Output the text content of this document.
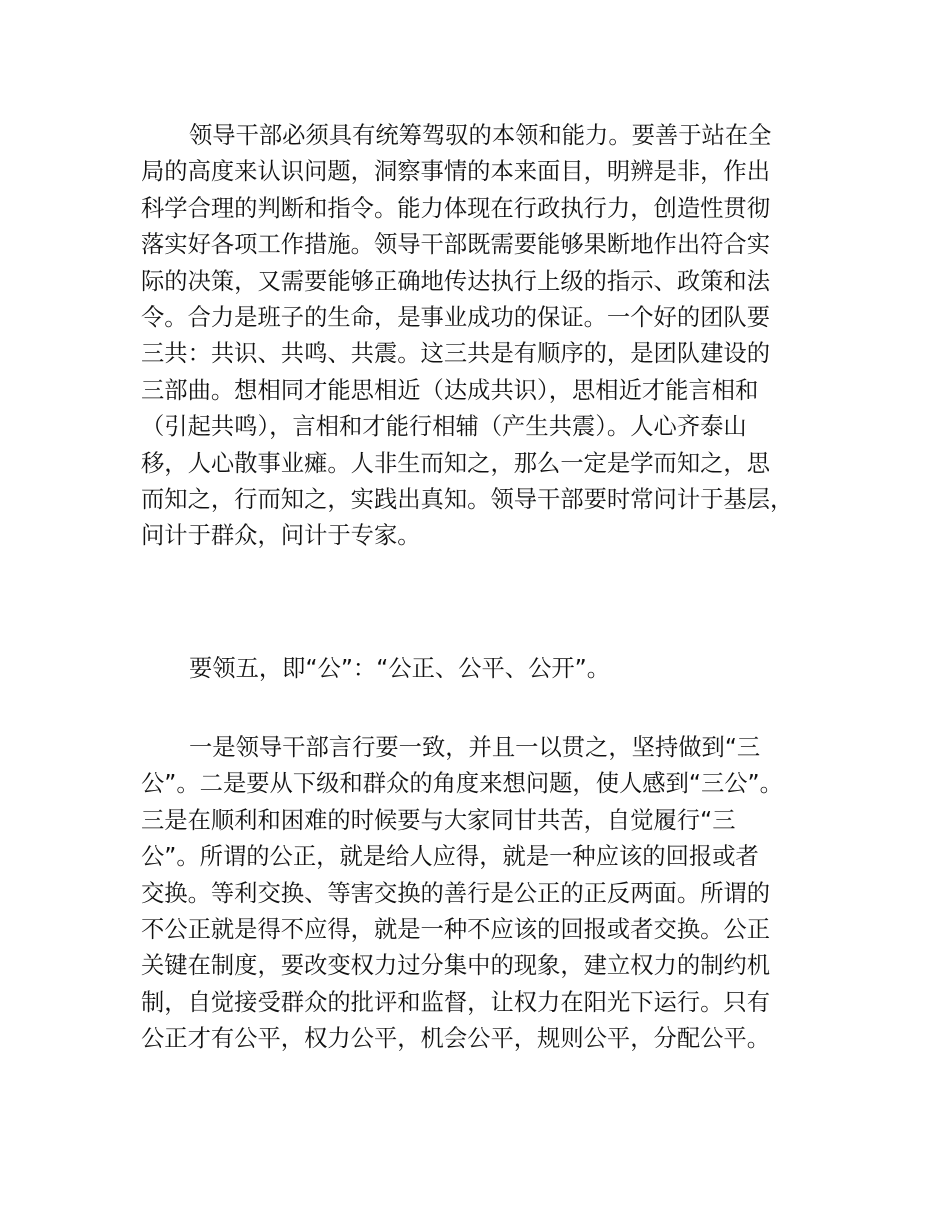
领导干部必须具有统筹驾驭的本领和能力。要善于站在全
局的高度来认识问题，洞察事情的本来面目，明辨是非，作出
科学合理的判断和指令。能力体现在行政执行力，创造性贯彻
落实好各项工作措施。领导干部既需要能够果断地作出符合实
际的决策，又需要能够正确地传达执行上级的指示、政策和法
令。合力是班子的生命，是事业成功的保证。一个好的团队要
三共：共识、共鸣、共震。这三共是有顺序的，是团队建设的
三部曲。想相同才能思相近（达成共识），思相近才能言相和
（引起共鸣），言相和才能行相辅（产生共震）。人心齐泰山
移，人心散事业瘫。人非生而知之，那么一定是学而知之，思
而知之，行而知之，实践出真知。领导干部要时常问计于基层，
问计于群众，问计于专家。
要领五，即“公”：“公正、公平、公开”。
一是领导干部言行要一致，并且一以贯之，坚持做到“三
公”。二是要从下级和群众的角度来想问题，使人感到“三公”。
三是在顺利和困难的时候要与大家同甘共苦，自觉履行“三
公”。所谓的公正，就是给人应得，就是一种应该的回报或者
交换。等利交换、等害交换的善行是公正的正反两面。所谓的
不公正就是得不应得，就是一种不应该的回报或者交换。公正
关键在制度，要改变权力过分集中的现象，建立权力的制约机
制，自觉接受群众的批评和监督，让权力在阳光下运行。只有
公正才有公平，权力公平，机会公平，规则公平，分配公平。
